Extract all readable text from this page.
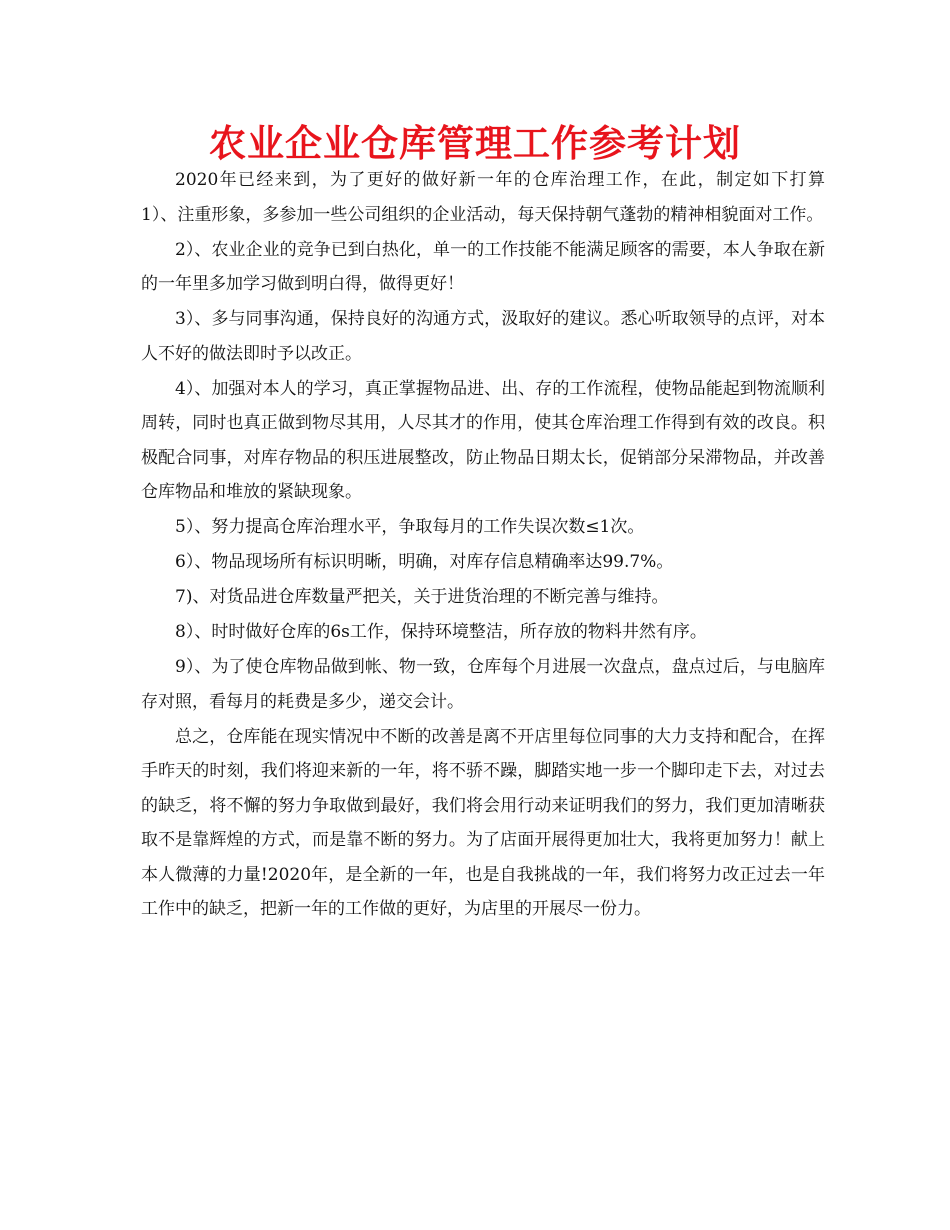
农业企业仓库管理工作参考计划

2020年已经来到，为了更好的做好新一年的仓库治理工作，在此，制定如下打算　　1）、注重形象，多参加一些公司组织的企业活动，每天保持朝气蓬勃的精神相貌面对工作。

2）、农业企业的竞争已到白热化，单一的工作技能不能满足顾客的需要，本人争取在新的一年里多加学习做到明白得，做得更好！

3）、多与同事沟通，保持良好的沟通方式，汲取好的建议。悉心听取领导的点评，对本人不好的做法即时予以改正。

4）、加强对本人的学习，真正掌握物品进、出、存的工作流程，使物品能起到物流顺利周转，同时也真正做到物尽其用，人尽其才的作用，使其仓库治理工作得到有效的改良。积极配合同事，对库存物品的积压进展整改，防止物品日期太长，促销部分呆滞物品，并改善仓库物品和堆放的紧缺现象。

5）、努力提高仓库治理水平，争取每月的工作失误次数≤1次。

6）、物品现场所有标识明晰，明确，对库存信息精确率达99.7%。

7)、对货品进仓库数量严把关，关于进货治理的不断完善与维持。

8）、时时做好仓库的6s工作，保持环境整洁，所存放的物料井然有序。

9）、为了使仓库物品做到帐、物一致，仓库每个月进展一次盘点，盘点过后，与电脑库存对照，看每月的耗费是多少，递交会计。

总之，仓库能在现实情况中不断的改善是离不开店里每位同事的大力支持和配合，在挥手昨天的时刻，我们将迎来新的一年，将不骄不躁，脚踏实地一步一个脚印走下去，对过去的缺乏，将不懈的努力争取做到最好，我们将会用行动来证明我们的努力，我们更加清晰获取不是靠辉煌的方式，而是靠不断的努力。为了店面开展得更加壮大，我将更加努力！献上本人微薄的力量!2020年，是全新的一年，也是自我挑战的一年，我们将努力改正过去一年工作中的缺乏，把新一年的工作做的更好，为店里的开展尽一份力。
